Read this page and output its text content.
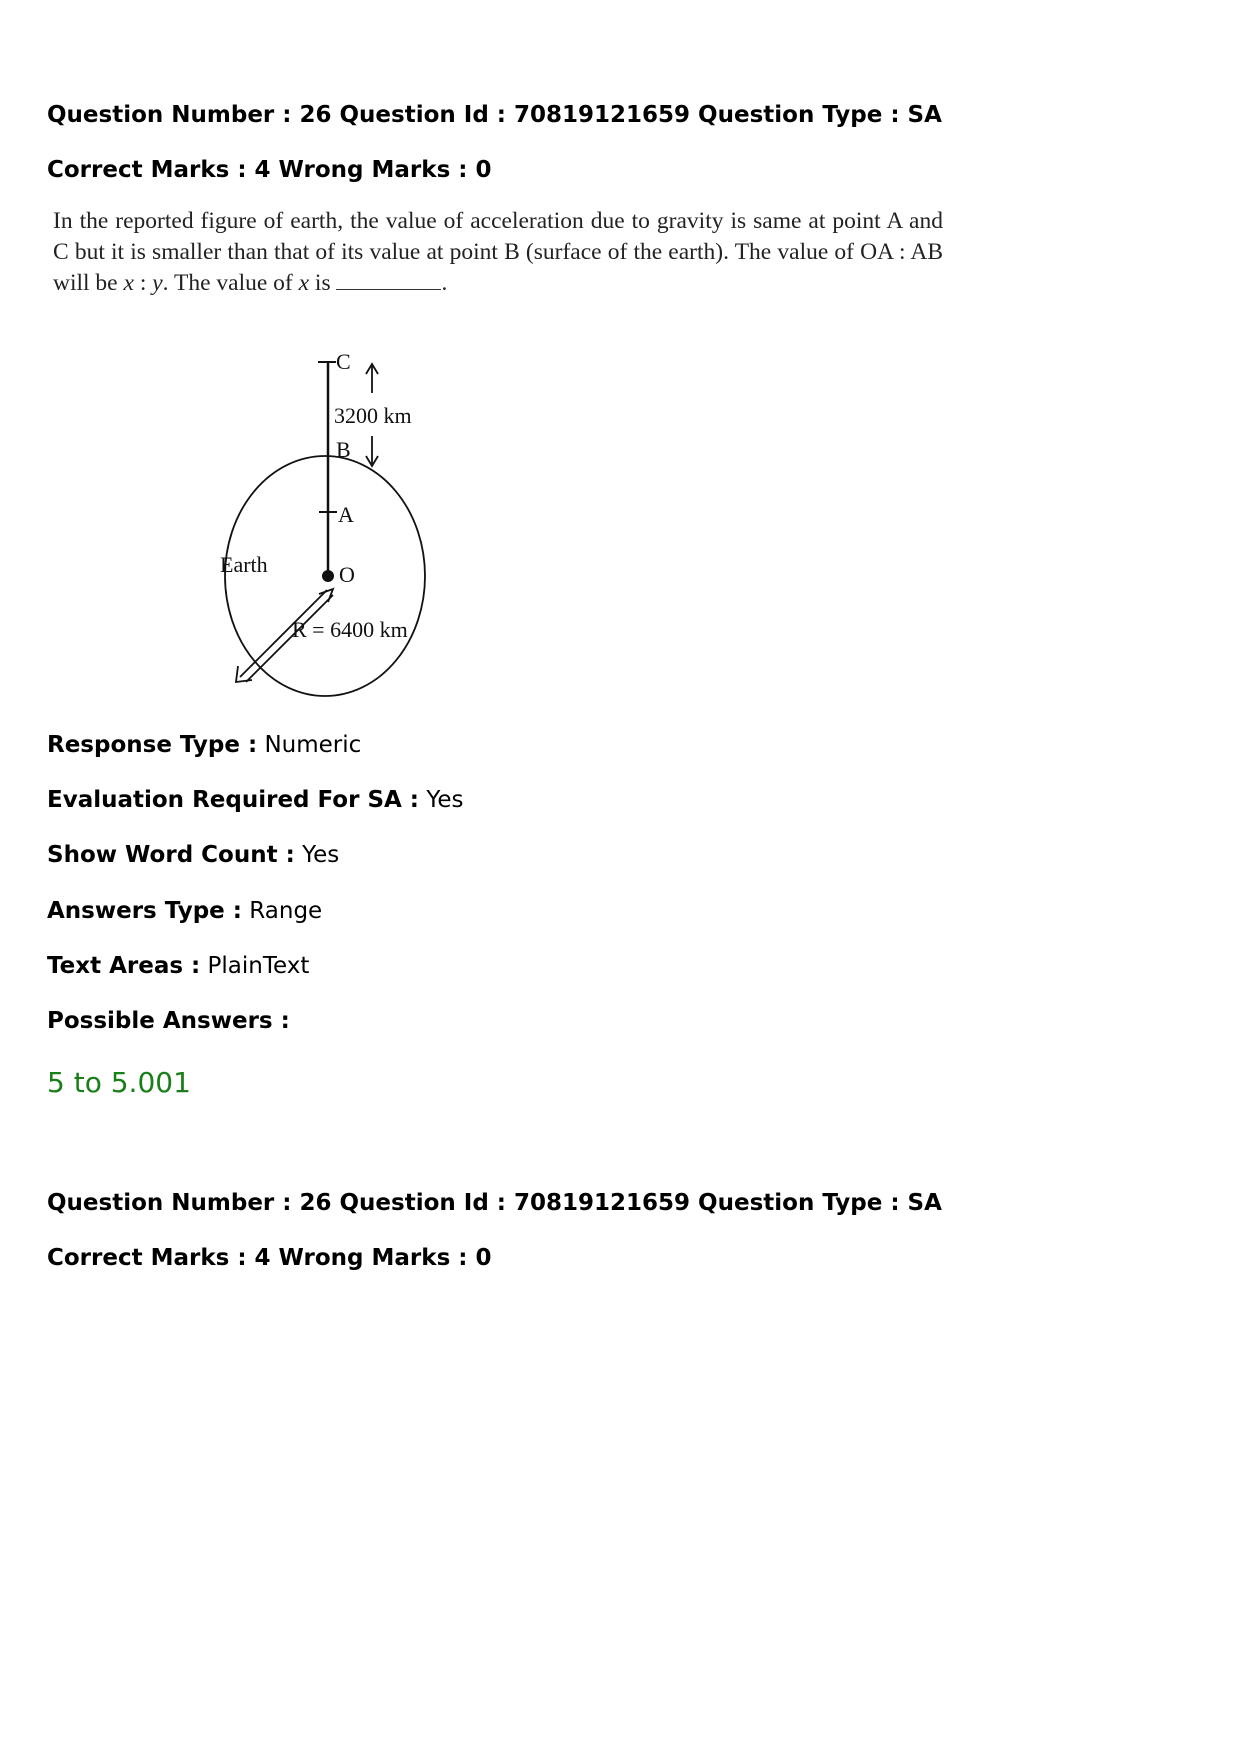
Question Number : 26 Question Id : 70819121659 Question Type : SA
Correct Marks : 4 Wrong Marks : 0
In the reported figure of earth, the value of acceleration due to gravity is same at point A and C but it is smaller than that of its value at point B (surface of the earth). The value of OA : AB will be x : y. The value of x is	.
C
3200 km
B
A
Earth	O
R = 6400 km
Response Type : Numeric
Evaluation Required For SA : Yes
Show Word Count : Yes
Answers Type : Range
Text Areas : PlainText
Possible Answers :
5 to 5.001
Question Number : 26 Question Id : 70819121659 Question Type : SA
Correct Marks : 4 Wrong Marks : 0
